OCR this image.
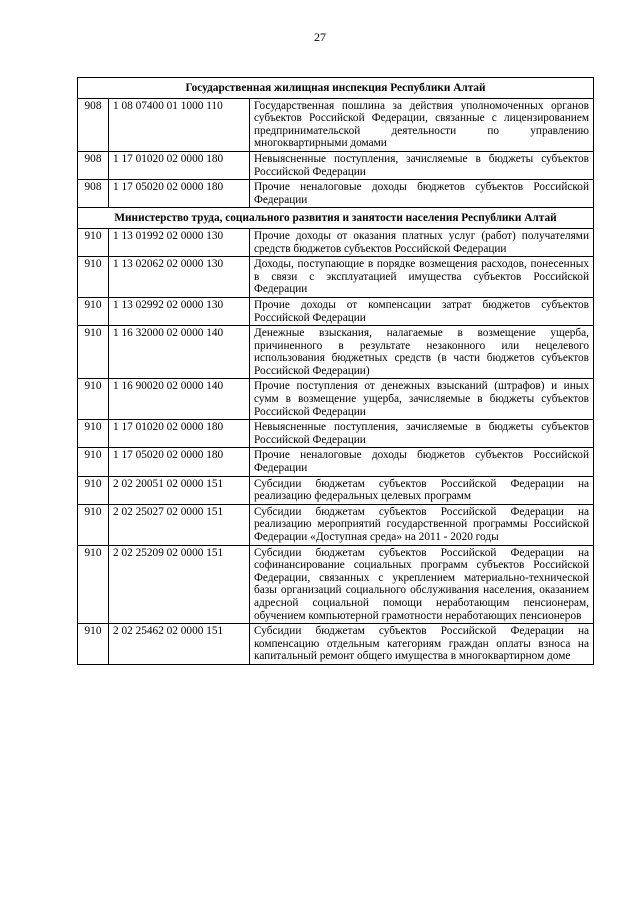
27
Государственная жилищная инспекция Республики Алтай		
908	1 08 07400 01 1000 110	Государственная пошлина за действия уполномоченных органов субъектов Российской Федерации, связанные с лицензированием предпринимательской деятельности по управлению многоквартирными домами
908	1 17 01020 02 0000 180	Невыясненные поступления, зачисляемые в бюджеты субъектов Российской Федерации
908	1 17 05020 02 0000 180	Прочие неналоговые доходы бюджетов субъектов Российской Федерации
Министерство труда, социального развития и занятости населения Республики Алтай		
910	1 13 01992 02 0000 130	Прочие доходы от оказания платных услуг (работ) получателями средств бюджетов субъектов Российской Федерации
910	1 13 02062 02 0000 130	Доходы, поступающие в порядке возмещения расходов, понесенных в связи с эксплуатацией имущества субъектов Российской Федерации
910	1 13 02992 02 0000 130	Прочие доходы от компенсации затрат бюджетов субъектов Российской Федерации
910	1 16 32000 02 0000 140	Денежные взыскания, налагаемые в возмещение ущерба, причиненного в результате незаконного или нецелевого использования бюджетных средств (в части бюджетов субъектов Российской Федерации)
910	1 16 90020 02 0000 140	Прочие поступления от денежных взысканий (штрафов) и иных сумм в возмещение ущерба, зачисляемые в бюджеты субъектов Российской Федерации
910	1 17 01020 02 0000 180	Невыясненные поступления, зачисляемые в бюджеты субъектов Российской Федерации
910	1 17 05020 02 0000 180	Прочие неналоговые доходы бюджетов субъектов Российской Федерации
910	2 02 20051 02 0000 151	Субсидии бюджетам субъектов Российской Федерации на реализацию федеральных целевых программ
910	2 02 25027 02 0000 151	Субсидии бюджетам субъектов Российской Федерации на реализацию мероприятий государственной программы Российской Федерации «Доступная среда» на 2011 - 2020 годы
910	2 02 25209 02 0000 151	Субсидии бюджетам субъектов Российской Федерации на софинансирование социальных программ субъектов Российской Федерации, связанных с укреплением материально-технической базы организаций социального обслуживания населения, оказанием адресной социальной помощи неработающим пенсионерам, обучением компьютерной грамотности неработающих пенсионеров
910	2 02 25462 02 0000 151	Субсидии бюджетам субъектов Российской Федерации на компенсацию отдельным категориям граждан оплаты взноса на капитальный ремонт общего имущества в многоквартирном доме
